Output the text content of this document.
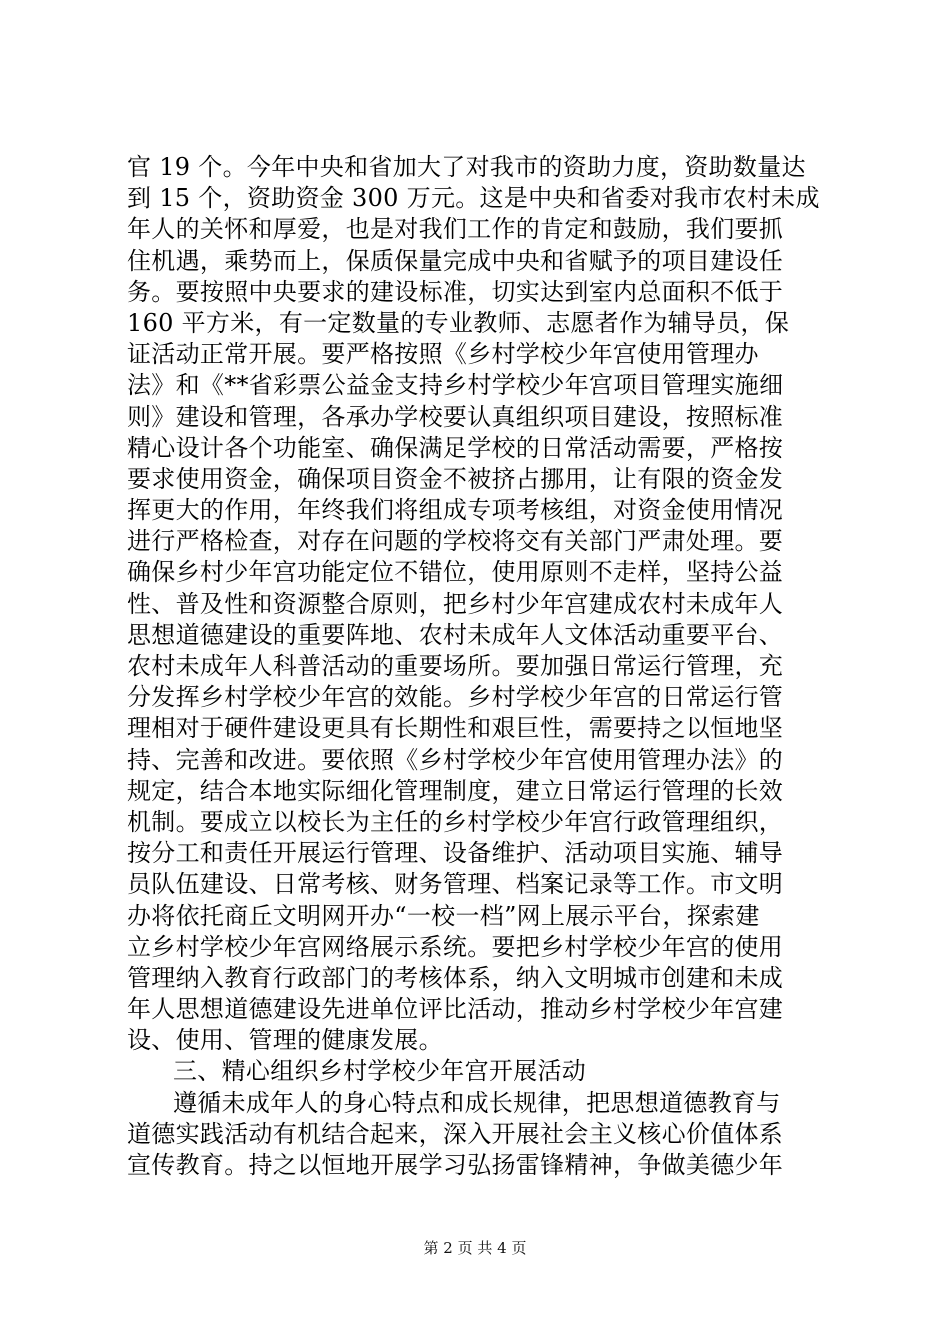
官 19 个。今年中央和省加大了对我市的资助力度，资助数量达

到 15 个，资助资金 300 万元。这是中央和省委对我市农村未成

年人的关怀和厚爱，也是对我们工作的肯定和鼓励，我们要抓

住机遇，乘势而上，保质保量完成中央和省赋予的项目建设任

务。要按照中央要求的建设标准，切实达到室内总面积不低于

160 平方米，有一定数量的专业教师、志愿者作为辅导员，保

证活动正常开展。要严格按照《乡村学校少年宫使用管理办

法》和《**省彩票公益金支持乡村学校少年宫项目管理实施细

则》建设和管理，各承办学校要认真组织项目建设，按照标准

精心设计各个功能室、确保满足学校的日常活动需要，严格按

要求使用资金，确保项目资金不被挤占挪用，让有限的资金发

挥更大的作用，年终我们将组成专项考核组，对资金使用情况

进行严格检查，对存在问题的学校将交有关部门严肃处理。要

确保乡村少年宫功能定位不错位，使用原则不走样，坚持公益

性、普及性和资源整合原则，把乡村少年宫建成农村未成年人

思想道德建设的重要阵地、农村未成年人文体活动重要平台、

农村未成年人科普活动的重要场所。要加强日常运行管理，充

分发挥乡村学校少年宫的效能。乡村学校少年宫的日常运行管

理相对于硬件建设更具有长期性和艰巨性，需要持之以恒地坚

持、完善和改进。要依照《乡村学校少年宫使用管理办法》的

规定，结合本地实际细化管理制度，建立日常运行管理的长效

机制。要成立以校长为主任的乡村学校少年宫行政管理组织，

按分工和责任开展运行管理、设备维护、活动项目实施、辅导

员队伍建设、日常考核、财务管理、档案记录等工作。市文明

办将依托商丘文明网开办“一校一档”网上展示平台，探索建

立乡村学校少年宫网络展示系统。要把乡村学校少年宫的使用

管理纳入教育行政部门的考核体系，纳入文明城市创建和未成

年人思想道德建设先进单位评比活动，推动乡村学校少年宫建

设、使用、管理的健康发展。

三、精心组织乡村学校少年宫开展活动

遵循未成年人的身心特点和成长规律，把思想道德教育与

道德实践活动有机结合起来，深入开展社会主义核心价值体系

宣传教育。持之以恒地开展学习弘扬雷锋精神，争做美德少年

第 2 页 共 4 页
